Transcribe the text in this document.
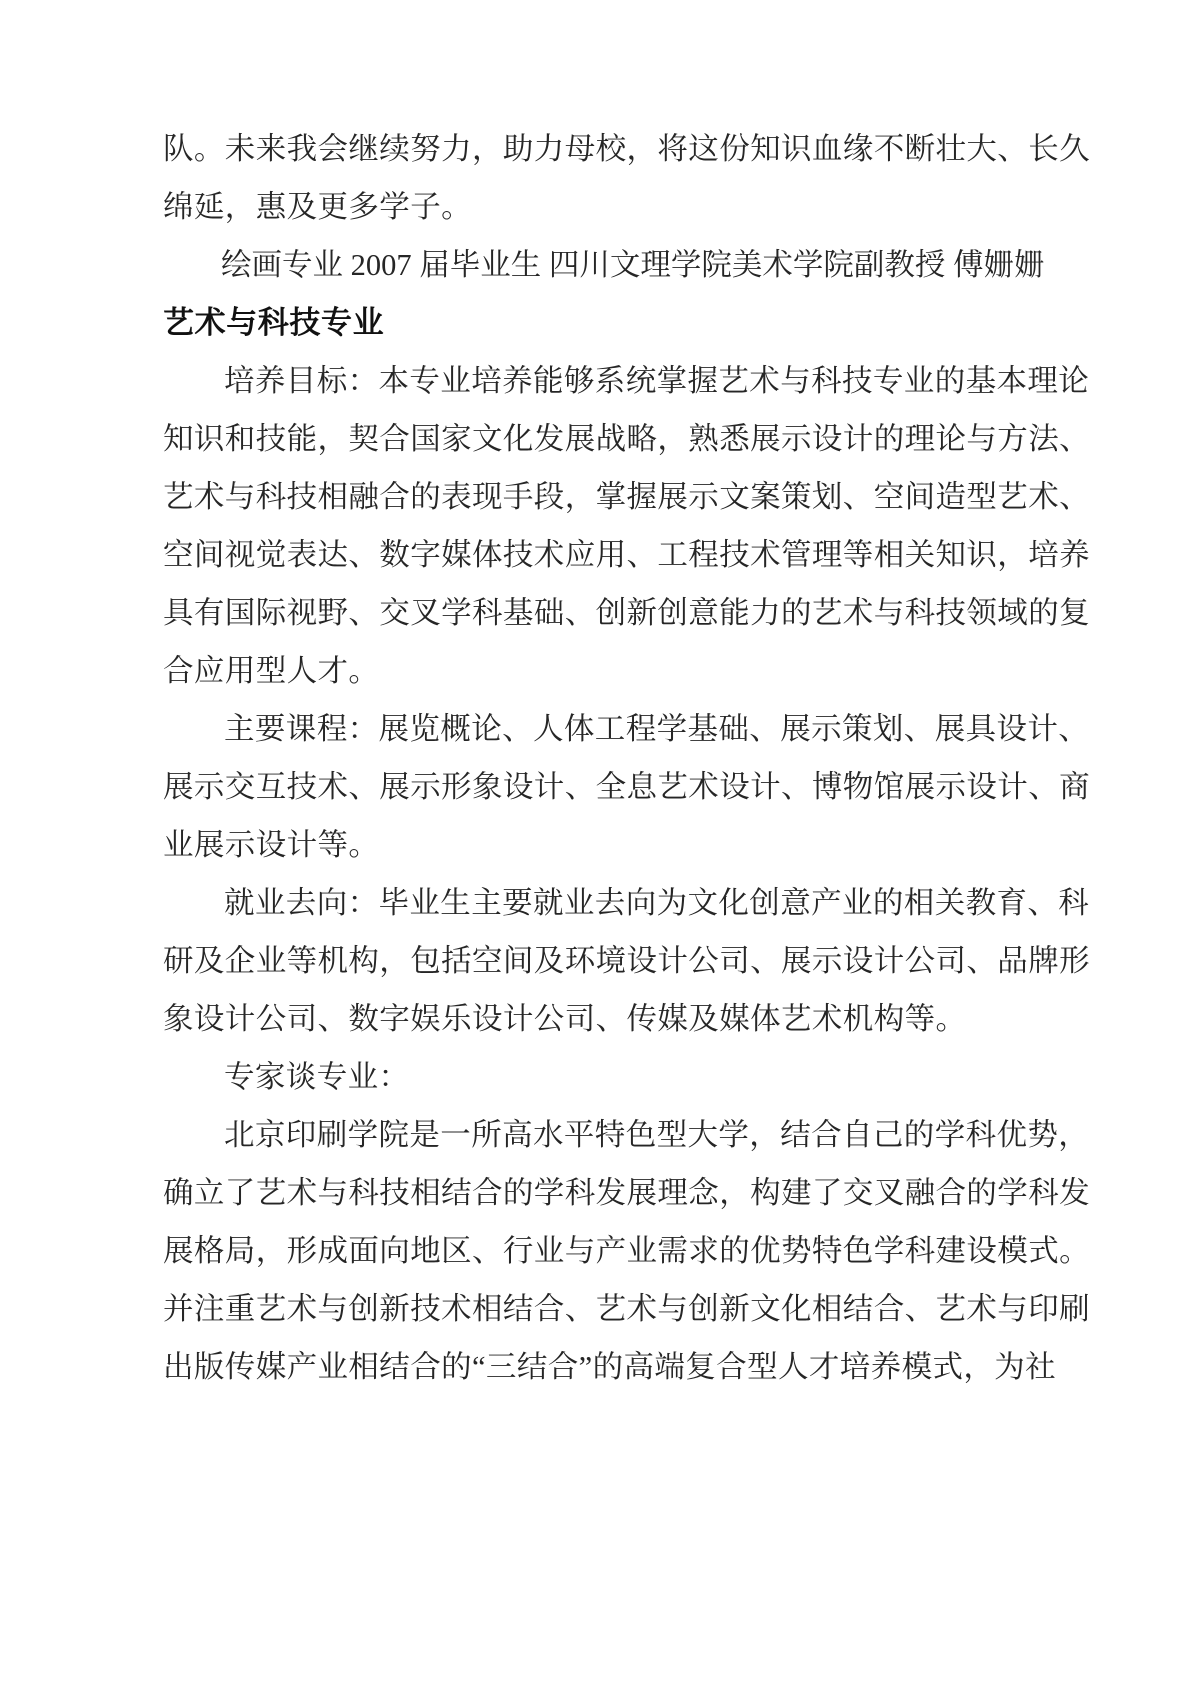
队。未来我会继续努力，助力母校，将这份知识血缘不断壮大、长久
绵延，惠及更多学子。
绘画专业 2007 届毕业生 四川文理学院美术学院副教授 傅姗姗
艺术与科技专业
培养目标：本专业培养能够系统掌握艺术与科技专业的基本理论
知识和技能，契合国家文化发展战略，熟悉展示设计的理论与方法、
艺术与科技相融合的表现手段，掌握展示文案策划、空间造型艺术、
空间视觉表达、数字媒体技术应用、工程技术管理等相关知识，培养
具有国际视野、交叉学科基础、创新创意能力的艺术与科技领域的复
合应用型人才。
主要课程：展览概论、人体工程学基础、展示策划、展具设计、
展示交互技术、展示形象设计、全息艺术设计、博物馆展示设计、商
业展示设计等。
就业去向：毕业生主要就业去向为文化创意产业的相关教育、科
研及企业等机构，包括空间及环境设计公司、展示设计公司、品牌形
象设计公司、数字娱乐设计公司、传媒及媒体艺术机构等。
专家谈专业：
北京印刷学院是一所高水平特色型大学，结合自己的学科优势，
确立了艺术与科技相结合的学科发展理念，构建了交叉融合的学科发
展格局，形成面向地区、行业与产业需求的优势特色学科建设模式。
并注重艺术与创新技术相结合、艺术与创新文化相结合、艺术与印刷
出版传媒产业相结合的“三结合”的高端复合型人才培养模式，为社
